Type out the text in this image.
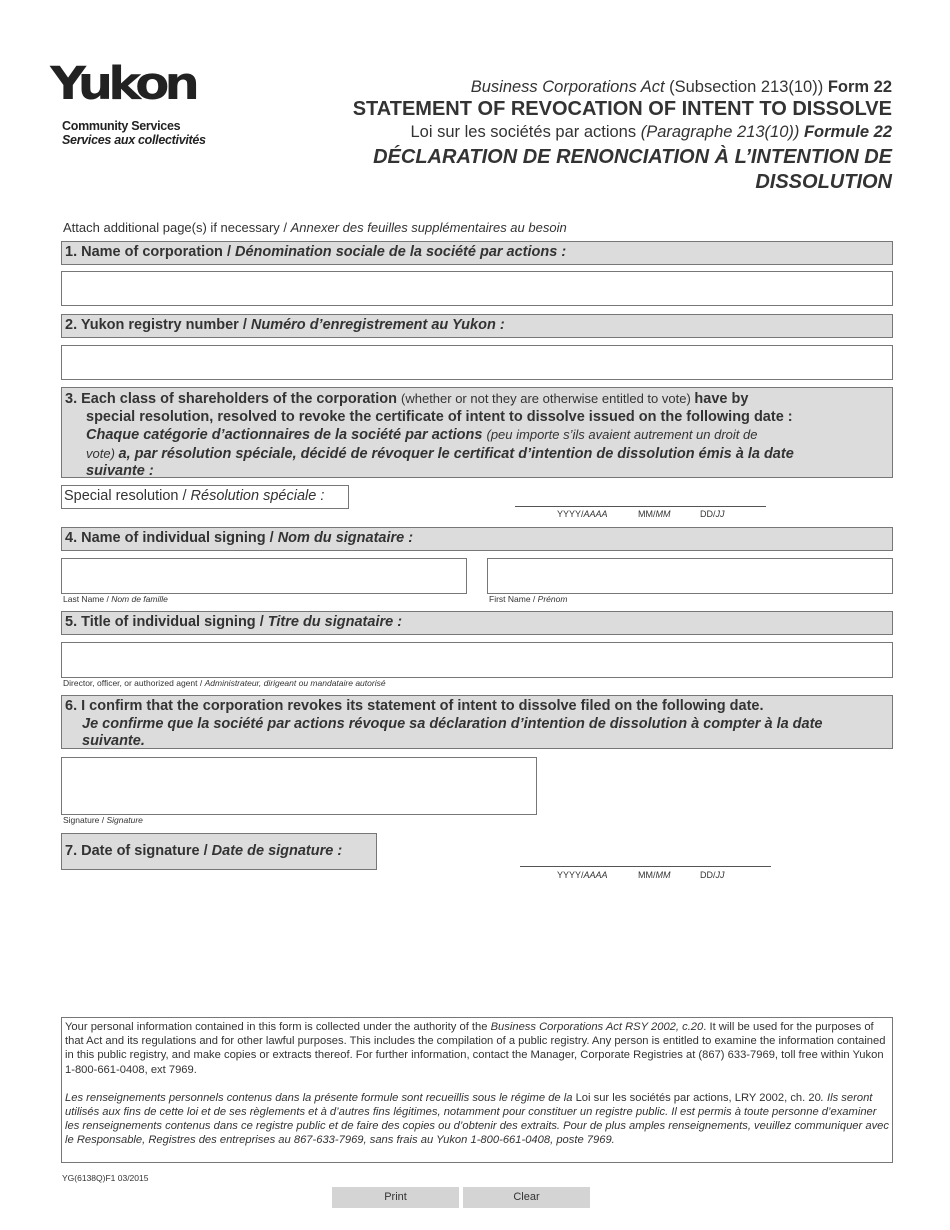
Yukon
Community Services
Services aux collectivités
Business Corporations Act (Subsection 213(10)) Form 22
STATEMENT OF REVOCATION OF INTENT TO DISSOLVE
Loi sur les sociétés par actions (Paragraphe 213(10)) Formule 22
DÉCLARATION DE RENONCIATION À L’INTENTION DE
DISSOLUTION
Attach additional page(s) if necessary / Annexer des feuilles supplémentaires au besoin
1. Name of corporation / Dénomination sociale de la société par actions :
2. Yukon registry number / Numéro d’enregistrement au Yukon :
3. Each class of shareholders of the corporation (whether or not they are otherwise entitled to vote) have by
special resolution, resolved to revoke the certificate of intent to dissolve issued on the following date :
Chaque catégorie d’actionnaires de la société par actions (peu importe s’ils avaient autrement un droit de
vote) a, par résolution spéciale, décidé de révoquer le certificat d’intention de dissolution émis à la date
suivante :
Special resolution / Résolution spéciale :
YYYY/AAAA	MM/MM	DD/JJ
4. Name of individual signing / Nom du signataire :
Last Name / Nom de famille	First Name / Prénom
5. Title of individual signing / Titre du signataire :
Director, officer, or authorized agent / Administrateur, dirigeant ou mandataire autorisé
6. I confirm that the corporation revokes its statement of intent to dissolve filed on the following date.
Je confirme que la société par actions révoque sa déclaration d’intention de dissolution à compter à la date
suivante.
Signature / Signature
7. Date of signature / Date de signature :
YYYY/AAAA	MM/MM	DD/JJ

Your personal information contained in this form is collected under the authority of the Business Corporations Act RSY 2002, c.20. It will be used for the purposes of that Act and its regulations and for other lawful purposes. This includes the compilation of a public registry. Any person is entitled to examine the information contained in this public registry, and make copies or extracts thereof. For further information, contact the Manager, Corporate Registries at (867) 633-7969, toll free within Yukon 1-800-661-0408, ext 7969.

Les renseignements personnels contenus dans la présente formule sont recueillis sous le régime de la Loi sur les sociétés par actions, LRY 2002, ch. 20. Ils seront utilisés aux fins de cette loi et de ses règlements et à d’autres fins légitimes, notamment pour constituer un registre public. Il est permis à toute personne d’examiner les renseignements contenus dans ce registre public et de faire des copies ou d’obtenir des extraits. Pour de plus amples renseignements, veuillez communiquer avec le Responsable, Registres des entreprises au 867-633-7969, sans frais au Yukon 1-800-661-0408, poste 7969.

YG(6138Q)F1 03/2015
Print	Clear
